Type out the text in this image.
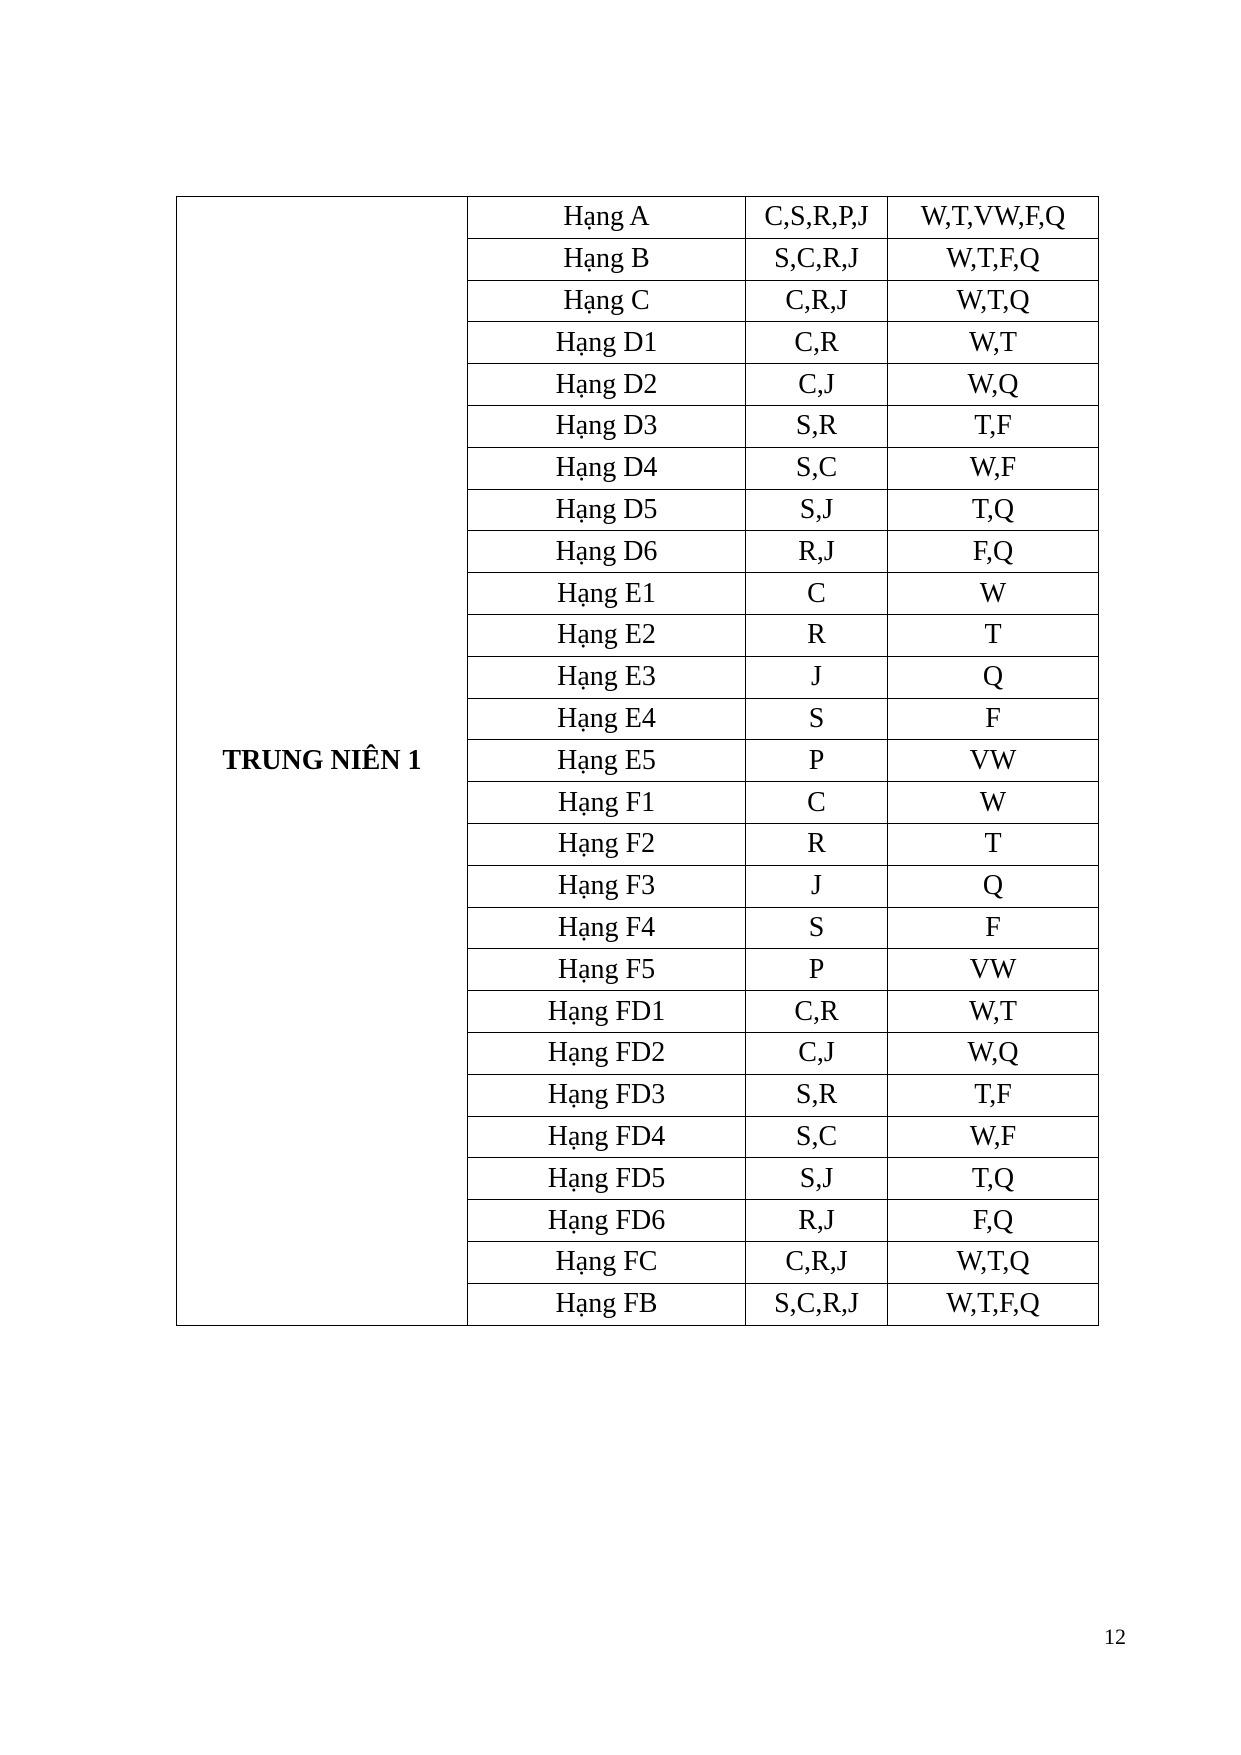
TRUNG NIÊN 1	Hạng A	C,S,R,P,J	W,T,VW,F,Q
	Hạng B	S,C,R,J	W,T,F,Q
	Hạng C	C,R,J	W,T,Q
	Hạng D1	C,R	W,T
	Hạng D2	C,J	W,Q
	Hạng D3	S,R	T,F
	Hạng D4	S,C	W,F
	Hạng D5	S,J	T,Q
	Hạng D6	R,J	F,Q
	Hạng E1	C	W
	Hạng E2	R	T
	Hạng E3	J	Q
	Hạng E4	S	F
	Hạng E5	P	VW
	Hạng F1	C	W
	Hạng F2	R	T
	Hạng F3	J	Q
	Hạng F4	S	F
	Hạng F5	P	VW
	Hạng FD1	C,R	W,T
	Hạng FD2	C,J	W,Q
	Hạng FD3	S,R	T,F
	Hạng FD4	S,C	W,F
	Hạng FD5	S,J	T,Q
	Hạng FD6	R,J	F,Q
	Hạng FC	C,R,J	W,T,Q
	Hạng FB	S,C,R,J	W,T,F,Q
12
